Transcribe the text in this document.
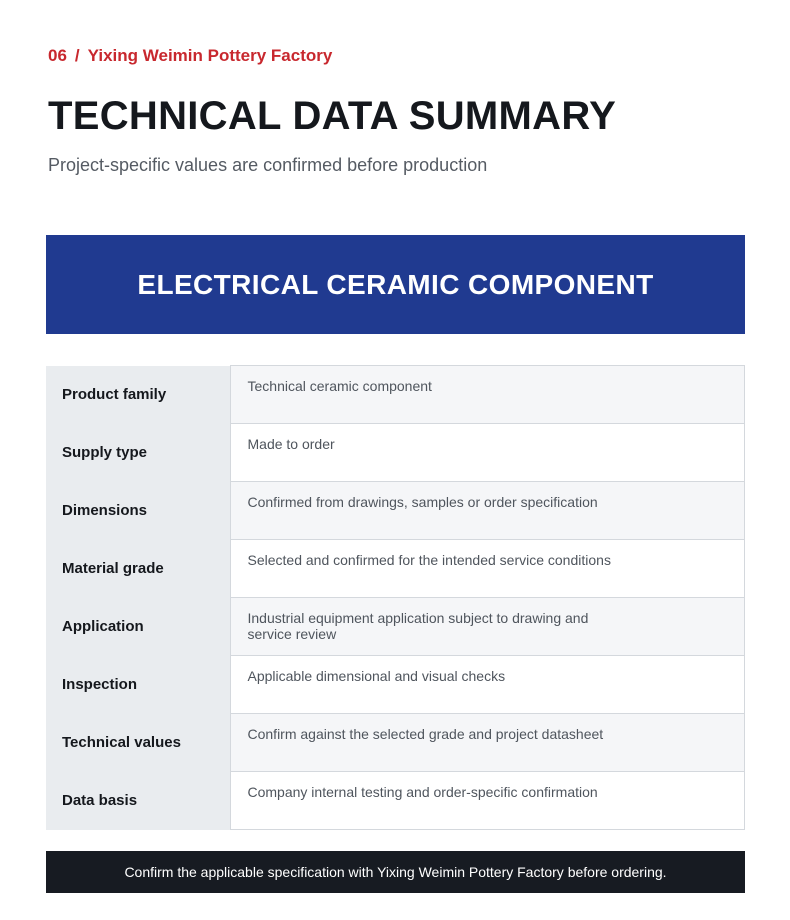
06 / Yixing Weimin Pottery Factory
TECHNICAL DATA SUMMARY
Project-specific values are confirmed before production
ELECTRICAL CERAMIC COMPONENT
Product family	Technical ceramic component
Supply type	Made to order
Dimensions	Confirmed from drawings, samples or order specification
Material grade	Selected and confirmed for the intended service conditions
Application	Industrial equipment application subject to drawing and service review
Inspection	Applicable dimensional and visual checks
Technical values	Confirm against the selected grade and project datasheet
Data basis	Company internal testing and order-specific confirmation
Confirm the applicable specification with Yixing Weimin Pottery Factory before ordering.
